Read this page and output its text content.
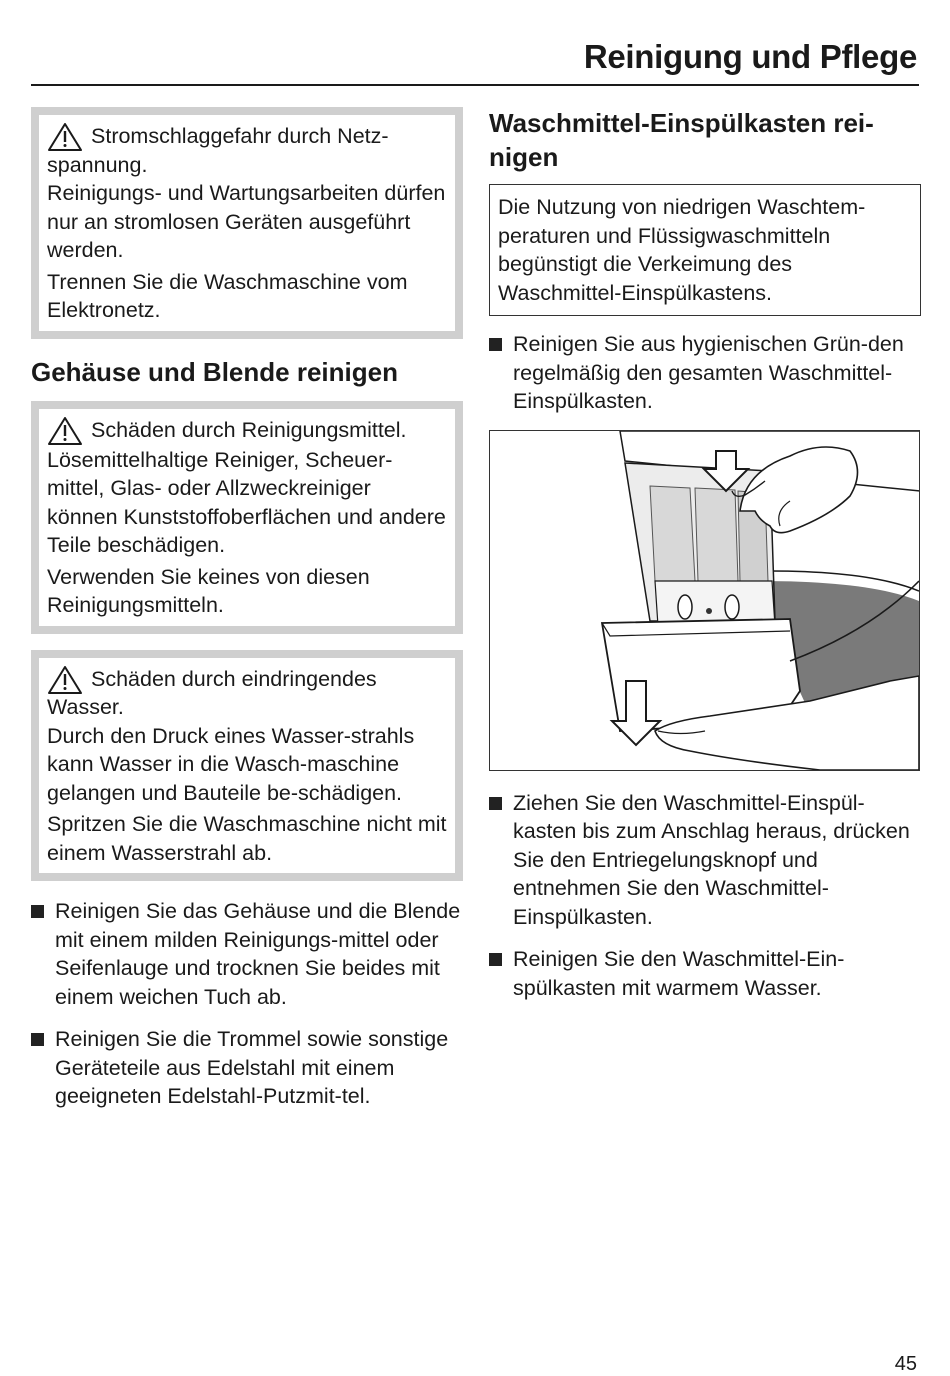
Reinigung und Pflege

Stromschlaggefahr durch Netz-spannung.

Reinigungs- und Wartungsarbeiten dürfen nur an stromlosen Geräten ausgeführt werden.

Trennen Sie die Waschmaschine vom Elektronetz.

Gehäuse und Blende reinigen

Schäden durch Reinigungsmittel.

Lösemittelhaltige Reiniger, Scheuer-mittel, Glas- oder Allzweckreiniger können Kunststoffoberflächen und andere Teile beschädigen.

Verwenden Sie keines von diesen Reinigungsmitteln.

Schäden durch eindringendes Wasser.

Durch den Druck eines Wasser-strahls kann Wasser in die Wasch-maschine gelangen und Bauteile be-schädigen.

Spritzen Sie die Waschmaschine nicht mit einem Wasserstrahl ab.

Reinigen Sie das Gehäuse und die Blende mit einem milden Reinigungs-mittel oder Seifenlauge und trocknen Sie beides mit einem weichen Tuch ab.
Reinigen Sie die Trommel sowie sonstige Geräteteile aus Edelstahl mit einem geeigneten Edelstahl-Putzmit-tel.
Waschmittel-Einspülkasten rei-nigen

Die Nutzung von niedrigen Waschtem-peraturen und Flüssigwaschmitteln begünstigt die Verkeimung des Waschmittel-Einspülkastens.

Reinigen Sie aus hygienischen Grün-den regelmäßig den gesamten Waschmittel-Einspülkasten.
Ziehen Sie den Waschmittel-Einspül-kasten bis zum Anschlag heraus, drücken Sie den Entriegelungsknopf und entnehmen Sie den Waschmittel-Einspülkasten.
Reinigen Sie den Waschmittel-Ein-spülkasten mit warmem Wasser.
45
